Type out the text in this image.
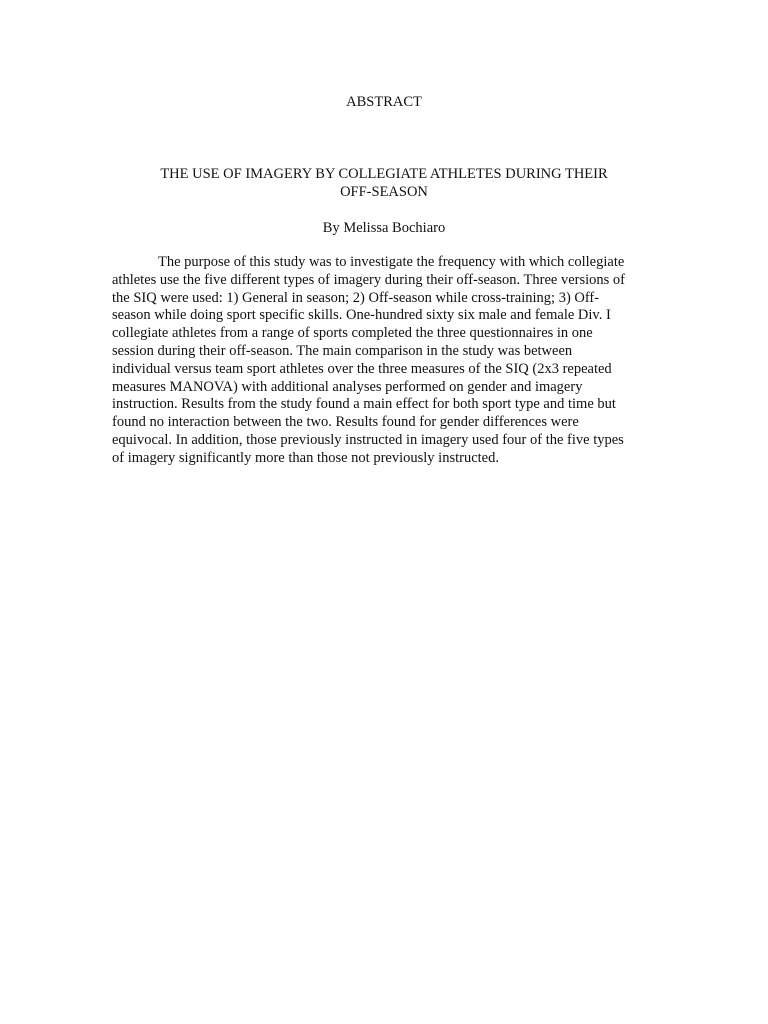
ABSTRACT
THE USE OF IMAGERY BY COLLEGIATE ATHLETES DURING THEIR
OFF-SEASON
By Melissa Bochiaro
The purpose of this study was to investigate the frequency with which collegiate
athletes use the five different types of imagery during their off-season. Three versions of
the SIQ were used: 1) General in season; 2) Off-season while cross-training; 3) Off-
season while doing sport specific skills. One-hundred sixty six male and female Div. I
collegiate athletes from a range of sports completed the three questionnaires in one
session during their off-season. The main comparison in the study was between
individual versus team sport athletes over the three measures of the SIQ (2x3 repeated
measures MANOVA) with additional analyses performed on gender and imagery
instruction. Results from the study found a main effect for both sport type and time but
found no interaction between the two. Results found for gender differences were
equivocal. In addition, those previously instructed in imagery used four of the five types
of imagery significantly more than those not previously instructed.
